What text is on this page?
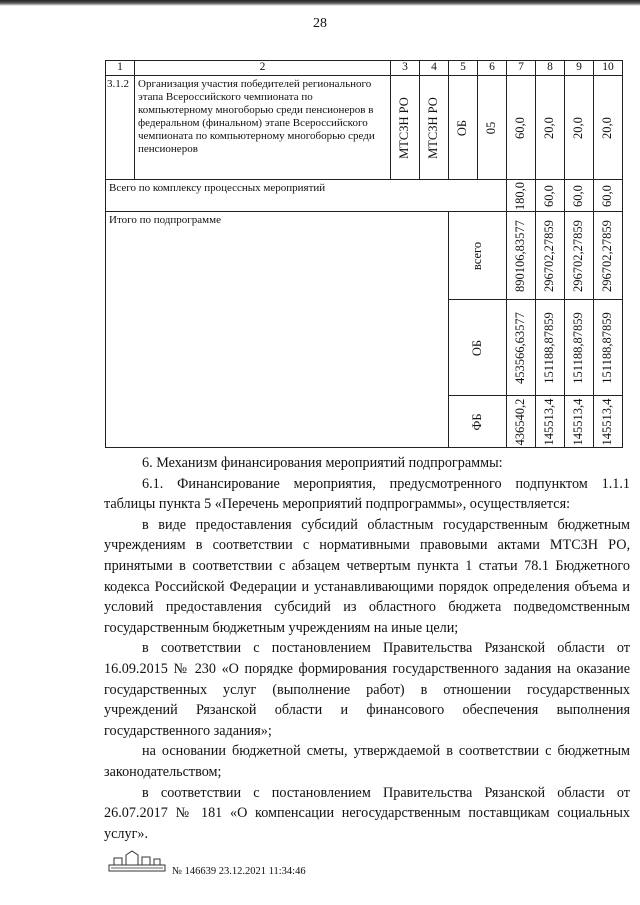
28
1	2	3	4	5	6	7	8	9	10
3.1.2	Организация участия победителей регионального этапа Всероссийского чемпионата по компьютерному многоборью среди пенсионеров в федеральном (финальном) этапе Всероссийского чемпионата по компьютерному многоборью среди пенсионеров	МТСЗН РО	МТСЗН РО	ОБ	05	60,0	20,0	20,0	20,0

Всего по комплексу процессных мероприятий						180,0	60,0	60,0	60,0

Итого по подпрограмме				всего		890106,83577	296702,27859	296702,27859	296702,27859

				ОБ		453566,63577	151188,87859	151188,87859	151188,87859

				ФБ		436540,2	145513,4	145513,4	145513,4

6. Механизм финансирования мероприятий подпрограммы:

6.1. Финансирование мероприятия, предусмотренного подпунктом 1.1.1 таблицы пункта 5 «Перечень мероприятий подпрограммы», осуществляется:

в виде предоставления субсидий областным государственным бюджетным учреждениям в соответствии с нормативными правовыми актами МТСЗН РО, принятыми в соответствии с абзацем четвертым пункта 1 статьи 78.1 Бюджетного кодекса Российской Федерации и устанавливающими порядок определения объема и условий предоставления субсидий из областного бюджета подведомственным государственным бюджетным учреждениям на иные цели;

в соответствии с постановлением Правительства Рязанской области от 16.09.2015 № 230 «О порядке формирования государственного задания на оказание государственных услуг (выполнение работ) в отношении государственных учреждений Рязанской области и финансового обеспечения выполнения государственного задания»;

на основании бюджетной сметы, утверждаемой в соответствии с бюджетным законодательством;

в соответствии с постановлением Правительства Рязанской области от 26.07.2017 № 181 «О компенсации негосударственным поставщикам социальных услуг».

№ 146639 23.12.2021 11:34:46
